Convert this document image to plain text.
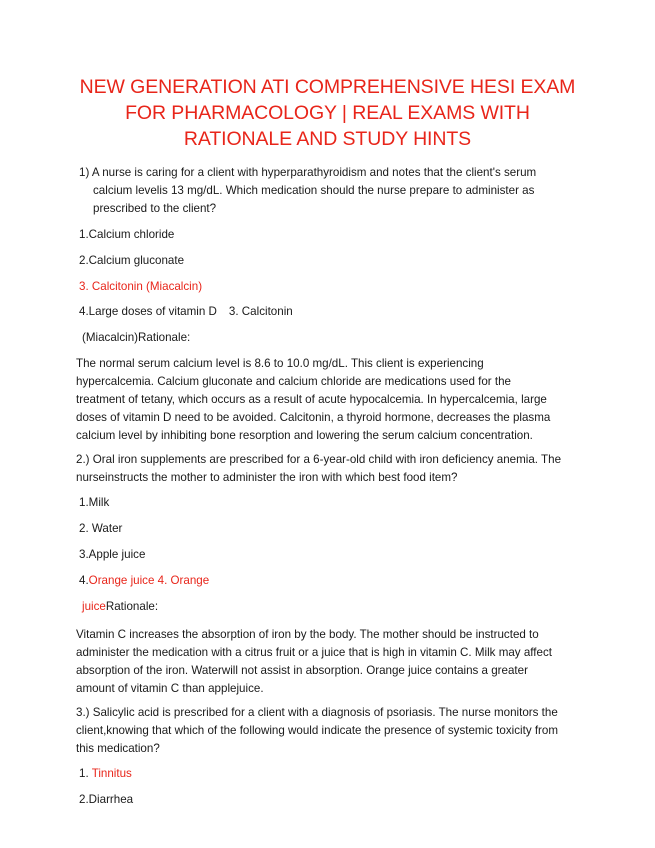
NEW GENERATION ATI COMPREHENSIVE HESI EXAM
FOR PHARMACOLOGY | REAL EXAMS WITH
RATIONALE AND STUDY HINTS
1) A nurse is caring for a client with hyperparathyroidism and notes that the client's serum
calcium levelis 13 mg/dL. Which medication should the nurse prepare to administer as
prescribed to the client?
1.Calcium chloride
2.Calcium gluconate
3. Calcitonin (Miacalcin)
4.Large doses of vitamin D 3. Calcitonin
(Miacalcin)Rationale:
The normal serum calcium level is 8.6 to 10.0 mg/dL. This client is experiencing
hypercalcemia. Calcium gluconate and calcium chloride are medications used for the
treatment of tetany, which occurs as a result of acute hypocalcemia. In hypercalcemia, large
doses of vitamin D need to be avoided. Calcitonin, a thyroid hormone, decreases the plasma
calcium level by inhibiting bone resorption and lowering the serum calcium concentration.
2.) Oral iron supplements are prescribed for a 6-year-old child with iron deficiency anemia. The
nurseinstructs the mother to administer the iron with which best food item?
1.Milk
2. Water
3.Apple juice
4.Orange juice 4. Orange
juiceRationale:
Vitamin C increases the absorption of iron by the body. The mother should be instructed to
administer the medication with a citrus fruit or a juice that is high in vitamin C. Milk may affect
absorption of the iron. Waterwill not assist in absorption. Orange juice contains a greater
amount of vitamin C than applejuice.
3.) Salicylic acid is prescribed for a client with a diagnosis of psoriasis. The nurse monitors the
client,knowing that which of the following would indicate the presence of systemic toxicity from
this medication?
1. Tinnitus
2.Diarrhea
